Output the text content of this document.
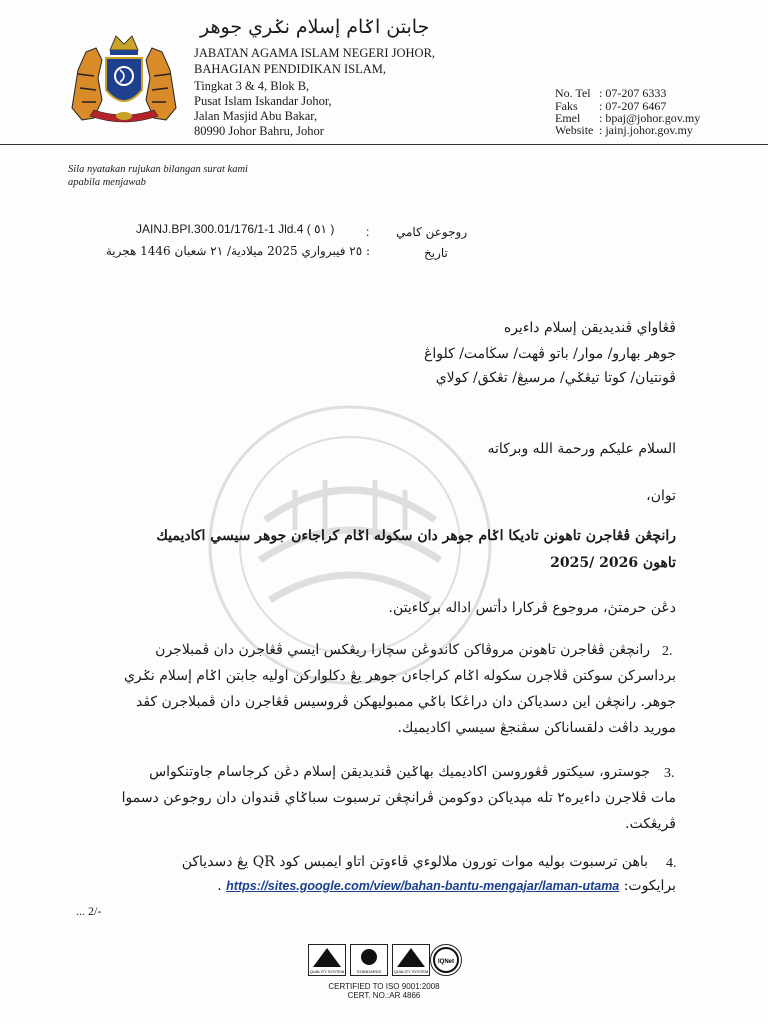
جابتن اݢام إسلام نݢري جوهر
JABATAN AGAMA ISLAM NEGERI JOHOR,
BAHAGIAN PENDIDIKAN ISLAM,
Tingkat 3 & 4, Blok B,
Pusat Islam Iskandar Johor,
Jalan Masjid Abu Bakar,
80990 Johor Bahru, Johor
No. Tel : 07-207 6333
Faks : 07-207 6467
Emel : bpaj@johor.gov.my
Website : jainj.johor.gov.my
Sila nyatakan rujukan bilangan surat kami
apabila menjawab
روجوعن كامي
:
JAINJ.BPI.300.01/176/1-1 Jld.4 ( ٥١ )
تاريخ
: ٢٥ فيبرواري 2025 ميلادية/ ٢١ شعبان 1446 هجرية
ڤڠاواي ڤنديديقن إسلام داءيره
جوهر بهارو/ موار/ باتو ڤهت/ سڬامت/ كلواڠ
ڤونتيان/ كوتا تيڠݢي/ مرسيڠ/ تڠكق/ كولاي
السلام عليكم ورحمة الله وبركاته
توان،
رانچڠن ڤڠاجرن تاهونن تاديكا اݢام جوهر دان سكوله اݢام كراجاءن جوهر سيسي اكاديميك
تاهون 2026 /2025
دڠن حرمتڽ، مروجوع ڤركارا دأتس اداله بركاءيتن.
2.
رانچڠن ڤڠاجرن تاهونن مروڤاكن كاندوڠن سچارا ريڠكس ايسي ڤڠاجرن دان ڤمبلاجرن
برداسركن سوكتن ڤلاجرن سكوله اݢام كراجاءن جوهر يڠ دكلواركن اوليه جابتن اݢام إسلام نݢري
جوهر. رانچڠن اين دسدياكن دان دراڠكا باݢي ممبوليهكن ڤروسيس ڤڠاجرن دان ڤمبلاجرن كڤد
موريد داڤت دلقساناكن سڤنجڠ سيسي اكاديميك.
3.
جوسترو، سيكتور ڤڠوروسن اكاديميك بهاݢين ڤنديديقن إسلام دڠن كرجاسام جاوتنكواس
مات ڤلاجرن داءيره٢ تله مپدياكن دوكومن ڤرانچڠن ترسبوت سباݢاي ڤندوان دان روجوعن دسموا
ڤريڠكت.
4.
باهن ترسبوت بوليه موات تورون ملالوءي ڤاءوتن اتاو ايمبس كود QR يڠ دسدياكن
برايكوت: https://sites.google.com/view/bahan-bantu-mengajar/laman-utama .
... 2/-
QUALITY SYSTEM	STANDARDS	QUALITY SYSTEM
IQNet
CERTIFIED TO ISO 9001:2008
CERT. NO.:AR 4866
